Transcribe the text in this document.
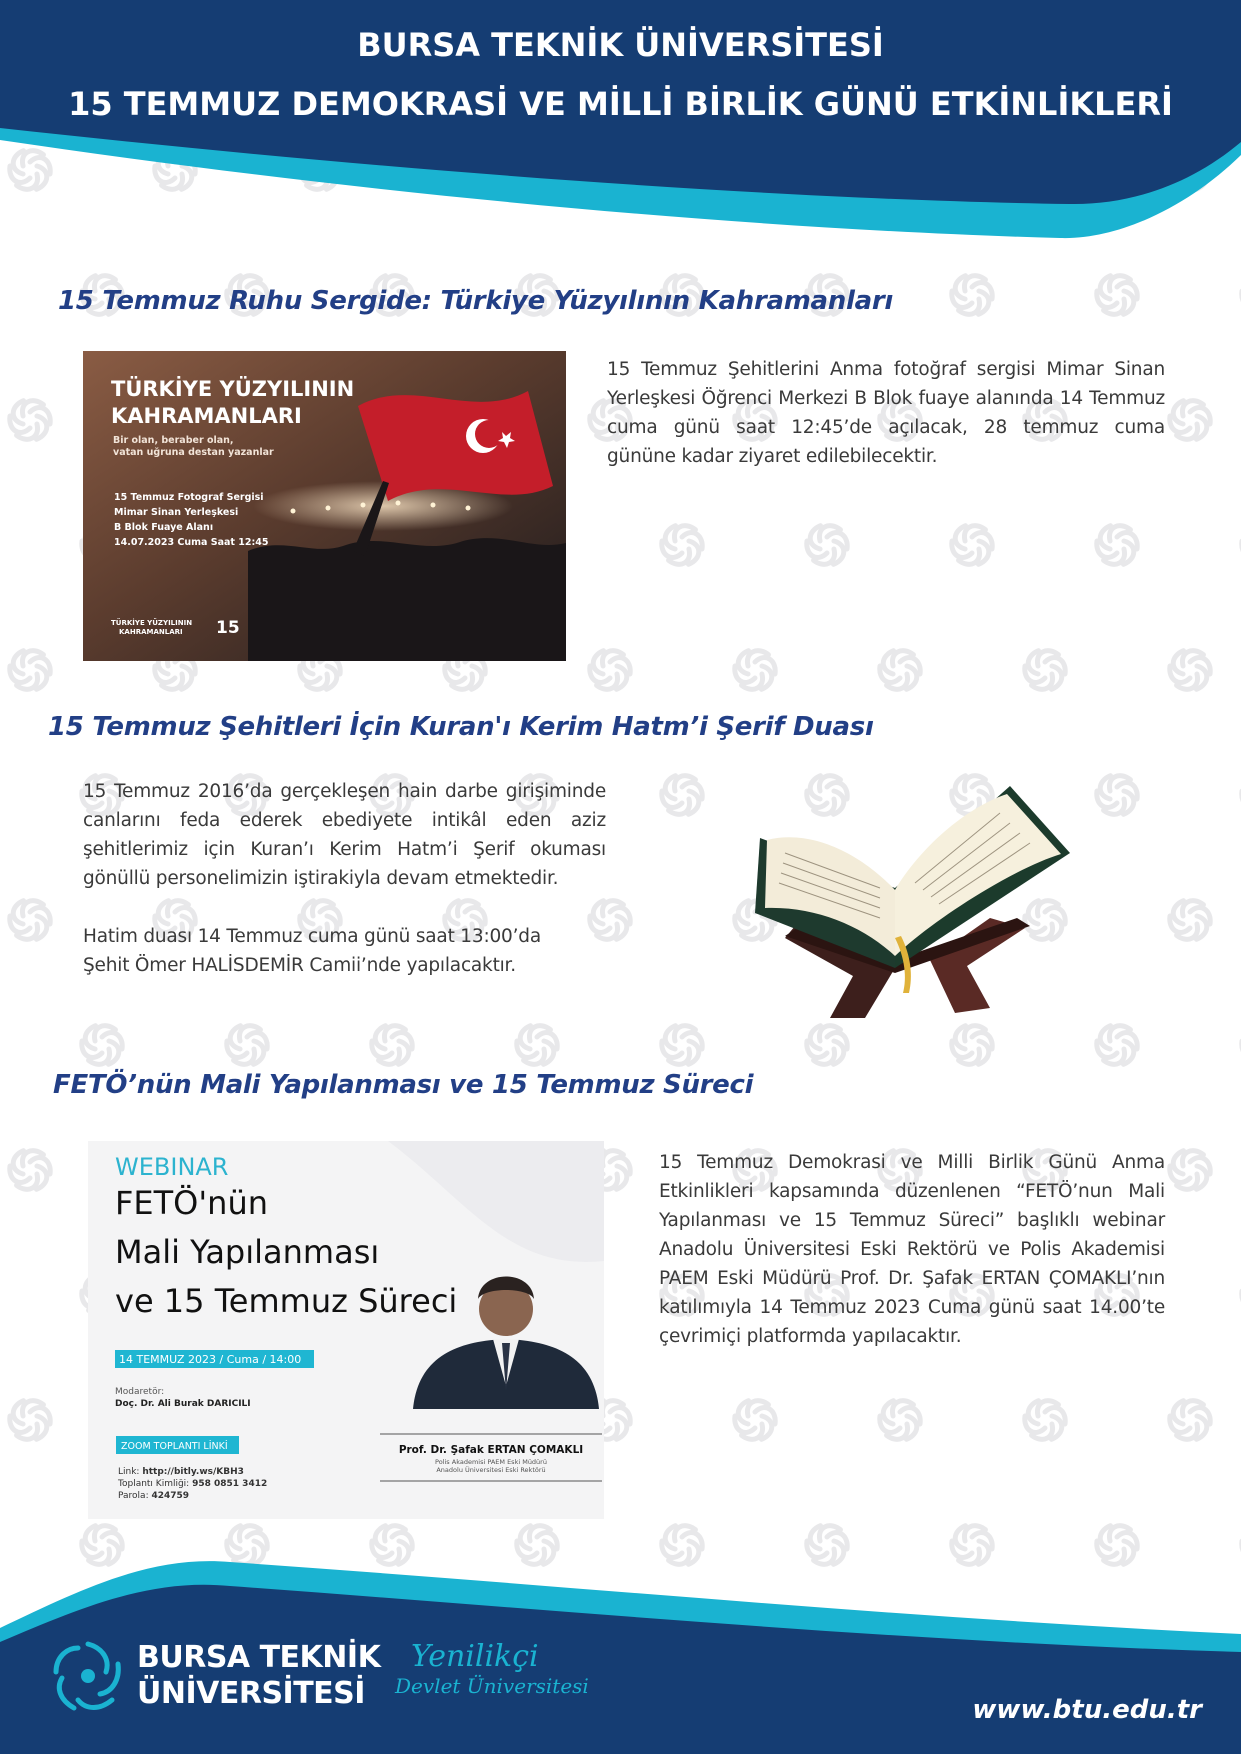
BURSA TEKNİK ÜNİVERSİTESİ
15 TEMMUZ DEMOKRASİ VE MİLLİ BİRLİK GÜNÜ ETKİNLİKLERİ
15 Temmuz Ruhu Sergide: Türkiye Yüzyılının Kahramanları
TÜRKİYE YÜZYILININ
KAHRAMANLARI
Bir olan, beraber olan,
vatan uğruna destan yazanlar
15 Temmuz Fotograf Sergisi
Mimar Sinan Yerleşkesi
B Blok Fuaye Alanı
14.07.2023 Cuma Saat 12:45
TÜRKİYE YÜZYILININ
KAHRAMANLARI 15
15 Temmuz Şehitlerini Anma fotoğraf sergisi Mimar Sinan Yerleşkesi Öğrenci Merkezi B Blok fuaye alanında 14 Temmuz cuma günü saat 12:45’de açılacak, 28 temmuz cuma gününe kadar ziyaret edilebilecektir.
15 Temmuz Şehitleri İçin Kuran'ı Kerim Hatm’i Şerif Duası

15 Temmuz 2016’da gerçekleşen hain darbe girişiminde canlarını feda ederek ebediyete intikâl eden aziz şehitlerimiz için Kuran’ı Kerim Hatm’i Şerif okuması gönüllü personelimizin iştirakiyla devam etmektedir.

Hatim duası 14 Temmuz cuma günü saat 13:00’da

Şehit Ömer HALİSDEMİR Camii’nde yapılacaktır.

FETÖ’nün Mali Yapılanması ve 15 Temmuz Süreci
WEBINAR
FETÖ'nün
Mali Yapılanması
ve 15 Temmuz Süreci
14 TEMMUZ 2023 / Cuma / 14:00
Modaretör:
Doç. Dr. Ali Burak DARICILI
ZOOM TOPLANTI LİNKİ
Link: http://bitly.ws/KBH3
Toplantı Kimliği: 958 0851 3412
Parola: 424759
Prof. Dr. Şafak ERTAN ÇOMAKLI
Polis Akademisi PAEM Eski Müdürü
Anadolu Üniversitesi Eski Rektörü
15 Temmuz Demokrasi ve Milli Birlik Günü Anma Etkinlikleri kapsamında düzenlenen “FETÖ’nun Mali Yapılanması ve 15 Temmuz Süreci” başlıklı webinar Anadolu Üniversitesi Eski Rektörü ve Polis Akademisi PAEM Eski Müdürü Prof. Dr. Şafak ERTAN ÇOMAKLI’nın katılımıyla 14 Temmuz 2023 Cuma günü saat 14.00’te çevrimiçi platformda yapılacaktır.
BURSA TEKNİK
ÜNİVERSİTESİ
Yenilikçi
Devlet Üniversitesi
www.btu.edu.tr
